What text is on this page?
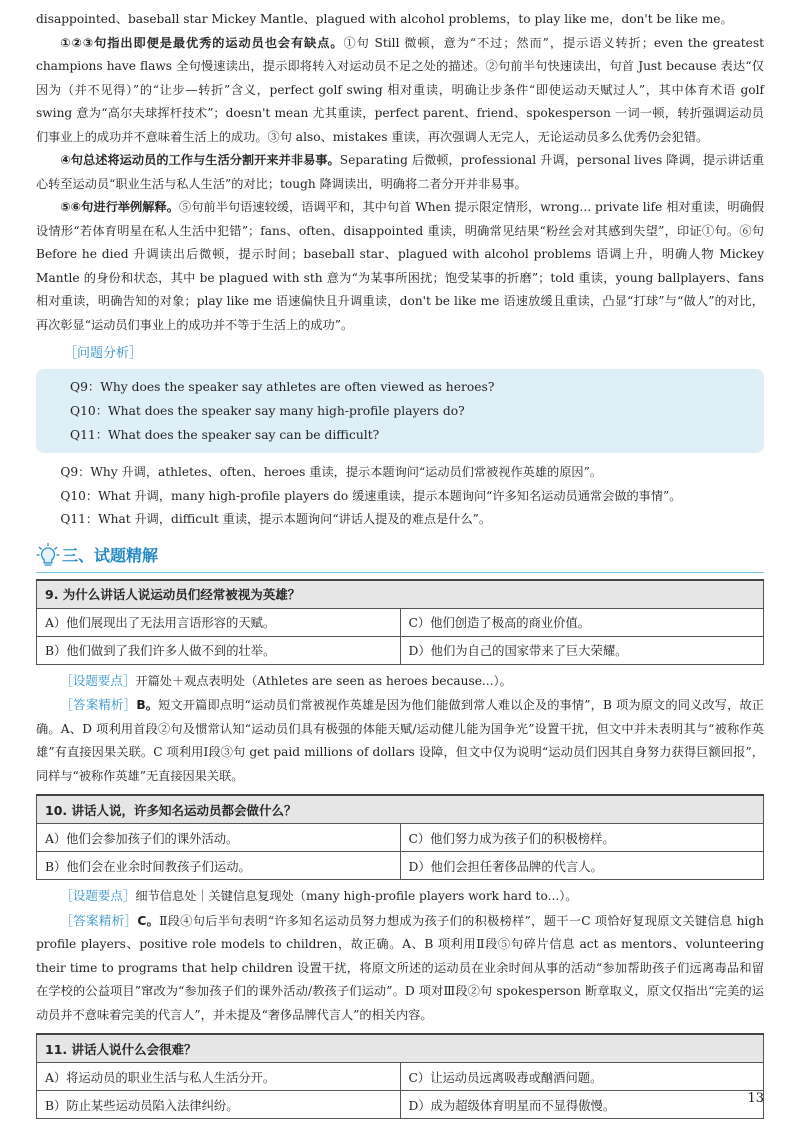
disappointed、baseball star Mickey Mantle、plagued with alcohol problems，to play like me，don't be like me。

①②③句指出即便是最优秀的运动员也会有缺点。①句 Still 微顿，意为“不过；然而”，提示语义转折；even the greatest champions have flaws 全句慢速读出，提示即将转入对运动员不足之处的描述。②句前半句快速读出，句首 Just because 表达“仅因为（并不见得）”的“让步—转折”含义，perfect golf swing 相对重读，明确让步条件“即使运动天赋过人”，其中体育术语 golf swing 意为“高尔夫球挥杆技术”；doesn't mean 尤其重读，perfect parent、friend、spokesperson 一词一顿，转折强调运动员们事业上的成功并不意味着生活上的成功。③句 also、mistakes 重读，再次强调人无完人，无论运动员多么优秀仍会犯错。

④句总述将运动员的工作与生活分割开来并非易事。Separating 后微顿，professional 升调，personal lives 降调，提示讲话重心转至运动员“职业生活与私人生活”的对比；tough 降调读出，明确将二者分开并非易事。

⑤⑥句进行举例解释。⑤句前半句语速较缓，语调平和，其中句首 When 提示限定情形，wrong... private life 相对重读，明确假设情形“若体育明星在私人生活中犯错”；fans、often、disappointed 重读，明确常见结果“粉丝会对其感到失望”，印证①句。⑥句 Before he died 升调读出后微顿，提示时间；baseball star、plagued with alcohol problems 语调上升，明确人物 Mickey Mantle 的身份和状态，其中 be plagued with sth 意为“为某事所困扰；饱受某事的折磨”；told 重读，young ballplayers、fans 相对重读，明确告知的对象；play like me 语速偏快且升调重读，don't be like me 语速放缓且重读，凸显“打球”与“做人”的对比，再次彰显“运动员们事业上的成功并不等于生活上的成功”。

［问题分析］
Q9：Why does the speaker say athletes are often viewed as heroes?
Q10：What does the speaker say many high-profile players do?
Q11：What does the speaker say can be difficult?

Q9：Why 升调，athletes、often、heroes 重读，提示本题询问“运动员们常被视作英雄的原因”。

Q10：What 升调，many high-profile players do 缓速重读，提示本题询问“许多知名运动员通常会做的事情”。

Q11：What 升调，difficult 重读，提示本题询问“讲话人提及的难点是什么”。

三、试题精解
9. 为什么讲话人说运动员们经常被视为英雄？	
A）他们展现出了无法用言语形容的天赋。	C）他们创造了极高的商业价值。
B）他们做到了我们许多人做不到的壮举。	D）他们为自己的国家带来了巨大荣耀。

［设题要点］开篇处＋观点表明处（Athletes are seen as heroes because...）。

［答案精析］B。短文开篇即点明“运动员们常被视作英雄是因为他们能做到常人难以企及的事情”，B 项为原文的同义改写，故正确。A、D 项利用首段②句及惯常认知“运动员们具有极强的体能天赋/运动健儿能为国争光”设置干扰，但文中并未表明其与“被称作英雄”有直接因果关联。C 项利用Ⅰ段③句 get paid millions of dollars 设障，但文中仅为说明“运动员们因其自身努力获得巨额回报”，同样与“被称作英雄”无直接因果关联。

10. 讲话人说，许多知名运动员都会做什么？	
A）他们会参加孩子们的课外活动。	C）他们努力成为孩子们的积极榜样。
B）他们会在业余时间教孩子们运动。	D）他们会担任奢侈品牌的代言人。

［设题要点］细节信息处｜关键信息复现处（many high-profile players work hard to...）。

［答案精析］C。Ⅱ段④句后半句表明“许多知名运动员努力想成为孩子们的积极榜样”，题干一C 项恰好复现原文关键信息 high profile players、positive role models to children，故正确。A、B 项利用Ⅱ段⑤句碎片信息 act as mentors、volunteering their time to programs that help children 设置干扰，将原文所述的运动员在业余时间从事的活动“参加帮助孩子们远离毒品和留在学校的公益项目”窜改为“参加孩子们的课外活动/教孩子们运动”。D 项对Ⅲ段②句 spokesperson 断章取义，原文仅指出“完美的运动员并不意味着完美的代言人”，并未提及“奢侈品牌代言人”的相关内容。

11. 讲话人说什么会很难？	
A）将运动员的职业生活与私人生活分开。	C）让运动员远离吸毒或酗酒问题。
B）防止某些运动员陷入法律纠纷。	D）成为超级体育明星而不显得傲慢。	13
